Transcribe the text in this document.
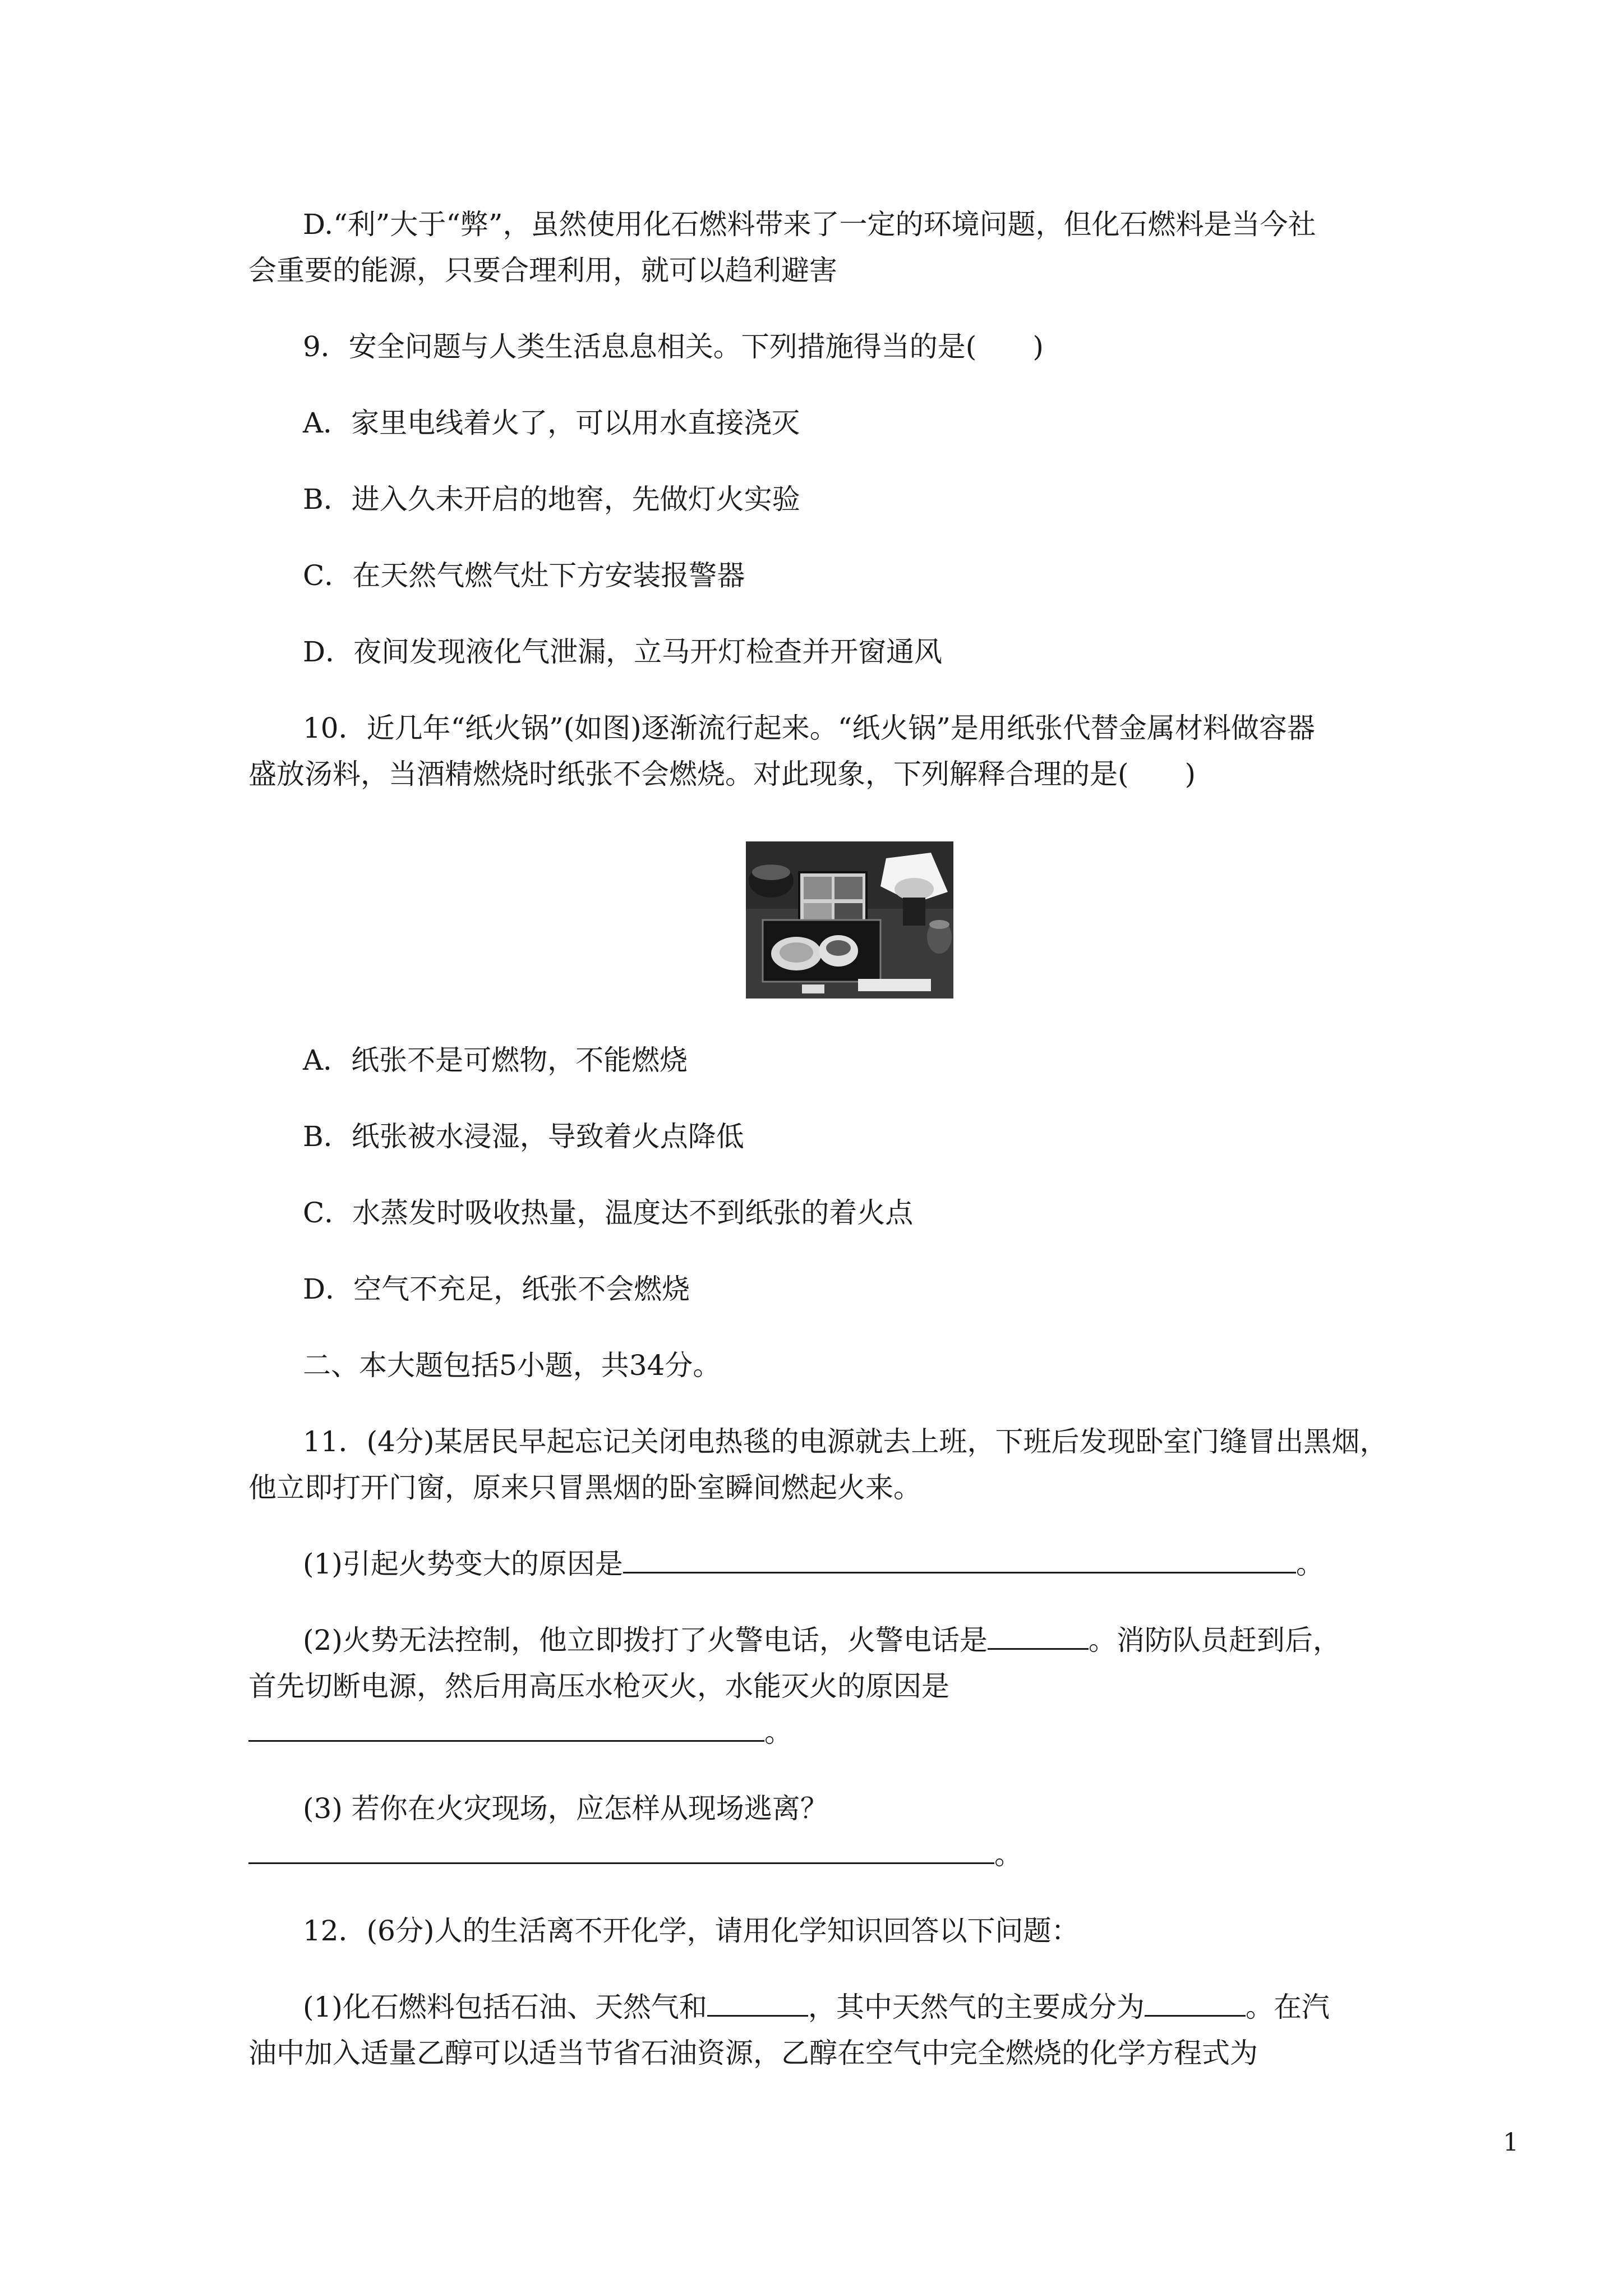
D.“利”大于“弊”，虽然使用化石燃料带来了一定的环境问题，但化石燃料是当今社

会重要的能源，只要合理利用，就可以趋利避害

9．安全问题与人类生活息息相关。下列措施得当的是(　　)

A．家里电线着火了，可以用水直接浇灭

B．进入久未开启的地窖，先做灯火实验

C．在天然气燃气灶下方安装报警器

D．夜间发现液化气泄漏，立马开灯检查并开窗通风

10．近几年“纸火锅”(如图)逐渐流行起来。“纸火锅”是用纸张代替金属材料做容器

盛放汤料，当酒精燃烧时纸张不会燃烧。对此现象，下列解释合理的是(　　)

A．纸张不是可燃物，不能燃烧

B．纸张被水浸湿，导致着火点降低

C．水蒸发时吸收热量，温度达不到纸张的着火点

D．空气不充足，纸张不会燃烧

二、本大题包括5小题，共34分。

11．(4分)某居民早起忘记关闭电热毯的电源就去上班，下班后发现卧室门缝冒出黑烟，

他立即打开门窗，原来只冒黑烟的卧室瞬间燃起火来。

(1)引起火势变大的原因是	。

(2)火势无法控制，他立即拨打了火警电话，火警电话是	。消防队员赶到后，

首先切断电源，然后用高压水枪灭火，水能灭火的原因是

。

(3) 若你在火灾现场，应怎样从现场逃离？

。

12．(6分)人的生活离不开化学，请用化学知识回答以下问题：

(1)化石燃料包括石油、天然气和	，其中天然气的主要成分为	。在汽

油中加入适量乙醇可以适当节省石油资源，乙醇在空气中完全燃烧的化学方程式为

1
